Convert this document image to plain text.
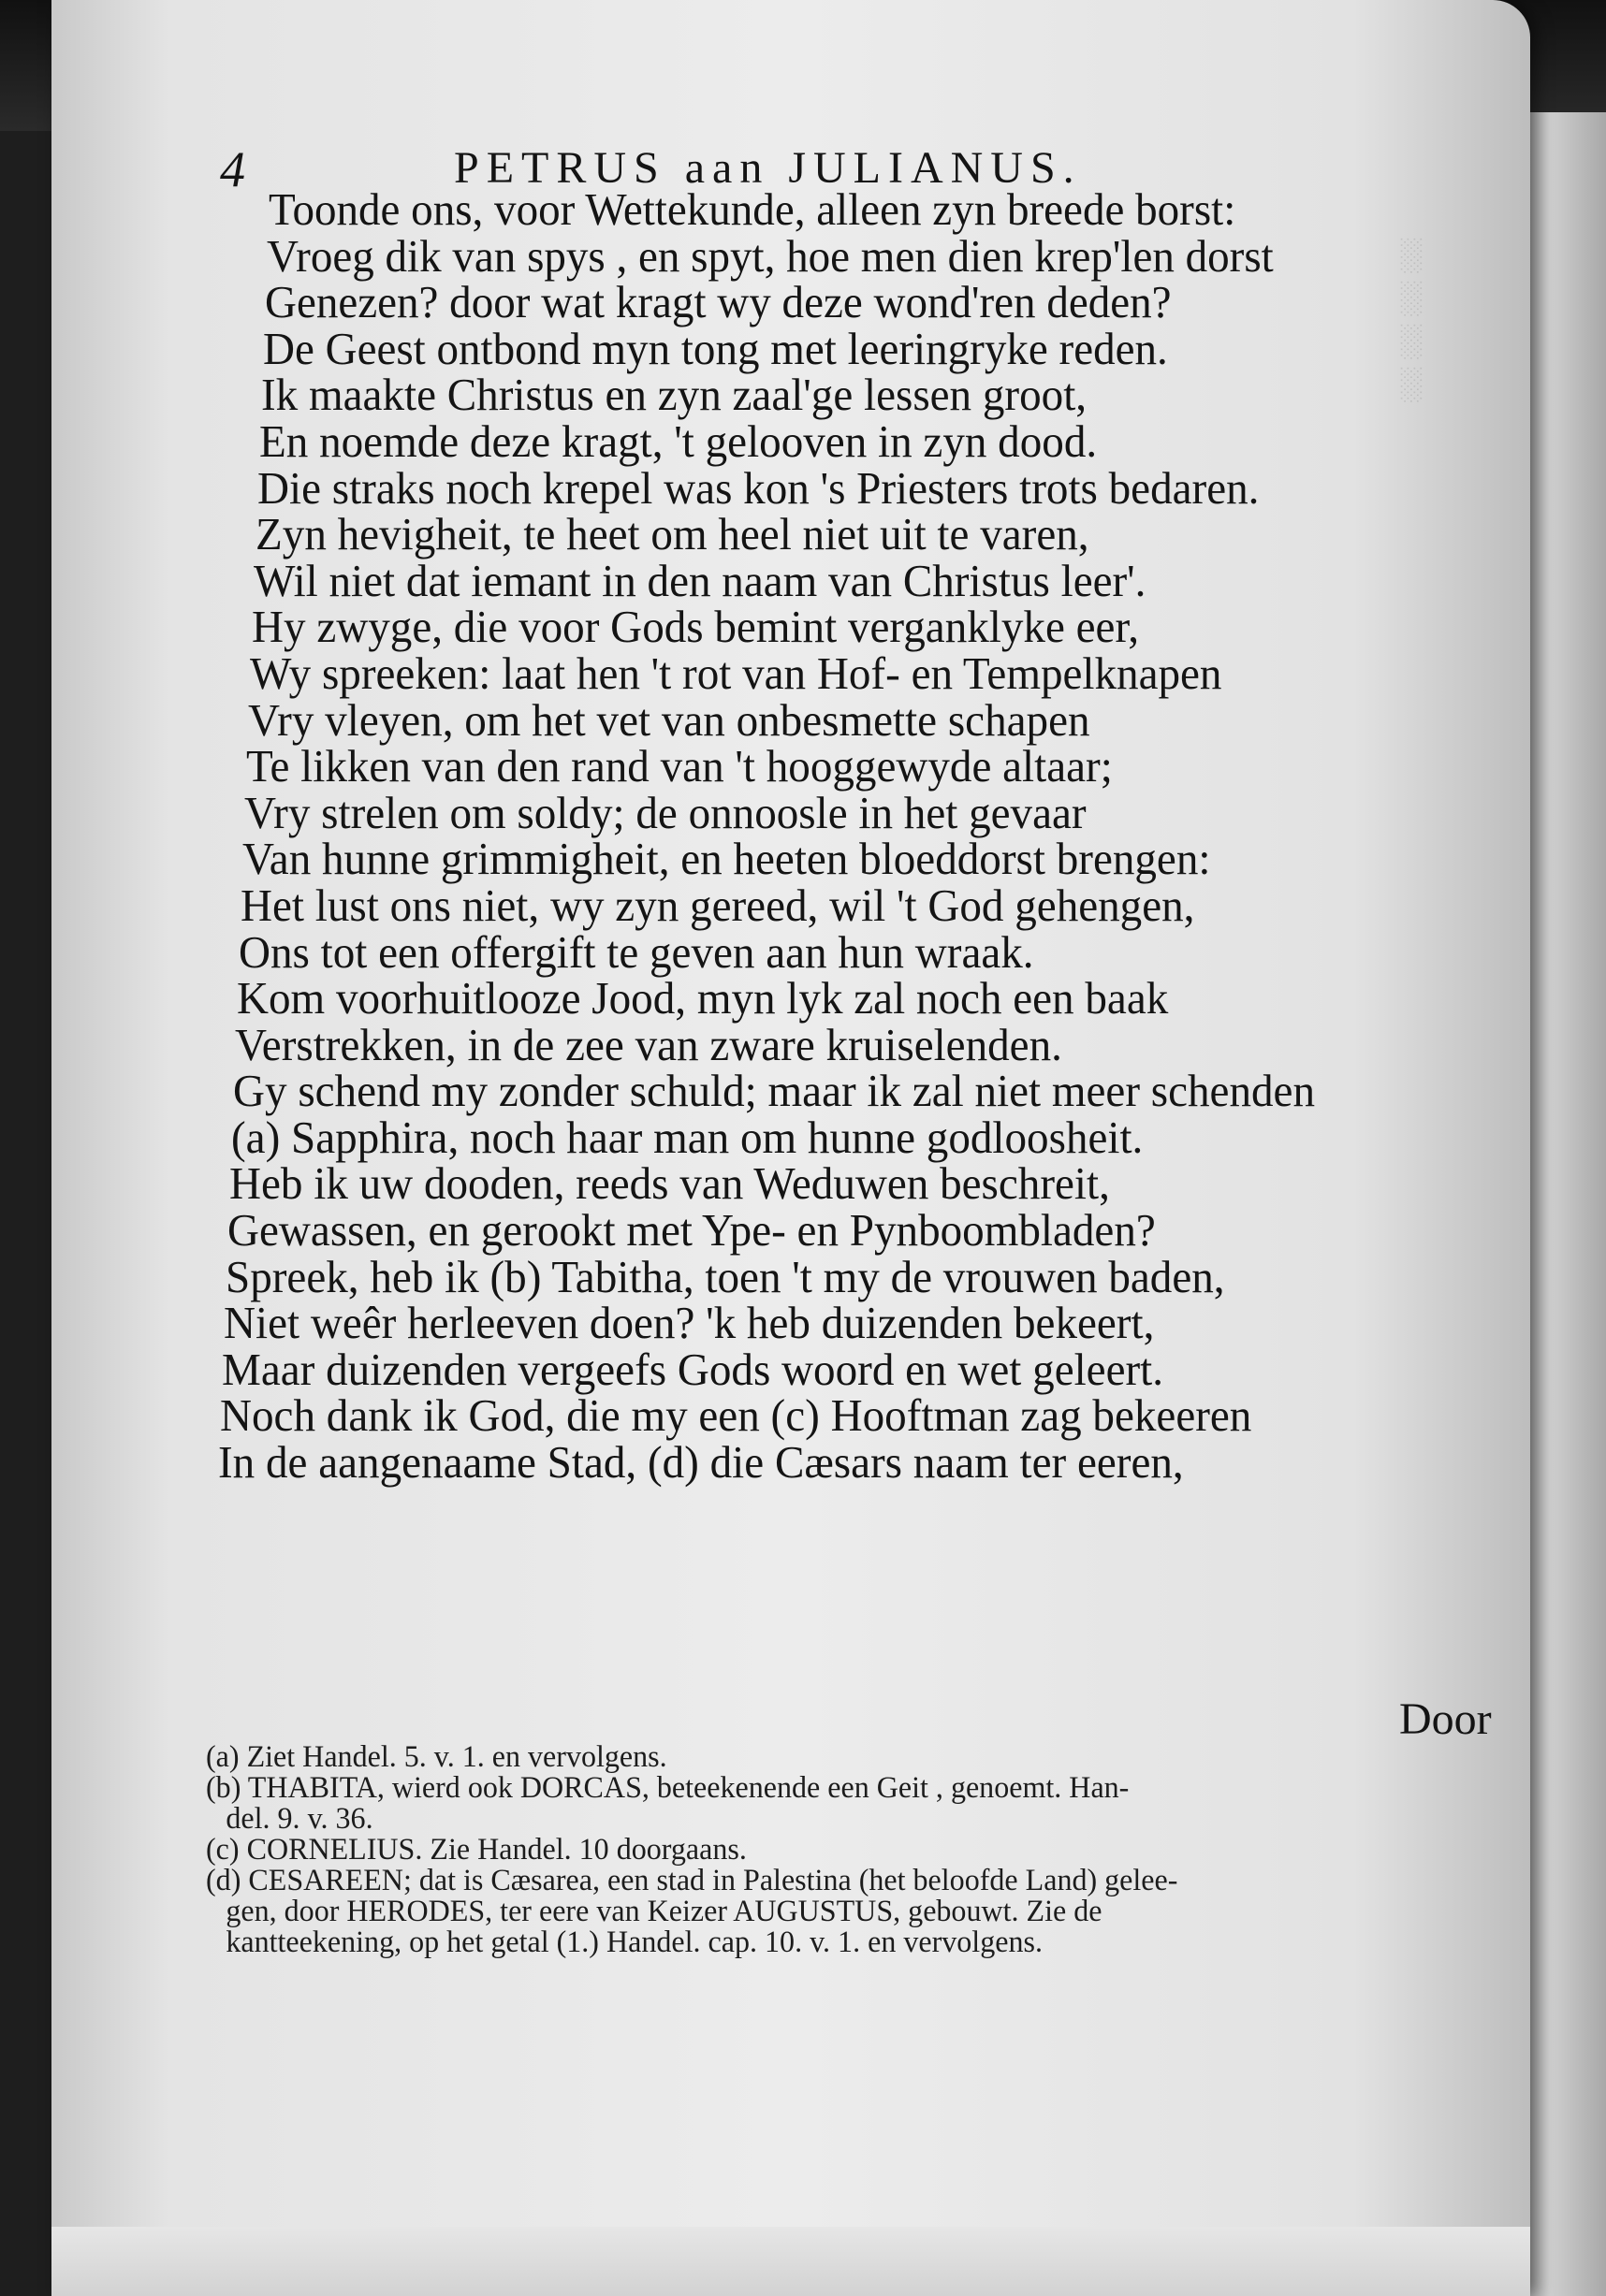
░
░
░
░
4	PETRUS aan JULIANUS.
Toonde ons, voor Wettekunde, alleen zyn breede borst:
Vroeg dik van spys , en spyt, hoe men dien krep'len dorst
Genezen? door wat kragt wy deze wond'ren deden?
De Geest ontbond myn tong met leeringryke reden.
Ik maakte Christus en zyn zaal'ge lessen groot,
En noemde deze kragt, 't gelooven in zyn dood.
Die straks noch krepel was kon 's Priesters trots bedaren.
Zyn hevigheit, te heet om heel niet uit te varen,
Wil niet dat iemant in den naam van Christus leer'.
Hy zwyge, die voor Gods bemint verganklyke eer,
Wy spreeken: laat hen 't rot van Hof- en Tempelknapen
Vry vleyen, om het vet van onbesmette schapen
Te likken van den rand van 't hooggewyde altaar;
Vry strelen om soldy; de onnoosle in het gevaar
Van hunne grimmigheit, en heeten bloeddorst brengen:
Het lust ons niet, wy zyn gereed, wil 't God gehengen,
Ons tot een offergift te geven aan hun wraak.
Kom voorhuitlooze Jood, myn lyk zal noch een baak
Verstrekken, in de zee van zware kruiselenden.
Gy schend my zonder schuld; maar ik zal niet meer schenden
(a) Sapphira, noch haar man om hunne godloosheit.
Heb ik uw dooden, reeds van Weduwen beschreit,
Gewassen, en gerookt met Ype- en Pynboombladen?
Spreek, heb ik (b) Tabitha, toen 't my de vrouwen baden,
Niet weêr herleeven doen? 'k heb duizenden bekeert,
Maar duizenden vergeefs Gods woord en wet geleert.
Noch dank ik God, die my een (c) Hooftman zag bekeeren
In de aangenaame Stad, (d) die Cæsars naam ter eeren,
Door
(a) Ziet Handel. 5. v. 1. en vervolgens.
(b) THABITA, wierd ook DORCAS, beteekenende een Geit , genoemt. Han-
del. 9. v. 36.
(c) CORNELIUS. Zie Handel. 10 doorgaans.
(d) CESAREEN; dat is Cæsarea, een stad in Palestina (het beloofde Land) gelee-
gen, door HERODES, ter eere van Keizer AUGUSTUS, gebouwt. Zie de
kantteekening, op het getal (1.) Handel. cap. 10. v. 1. en vervolgens.
